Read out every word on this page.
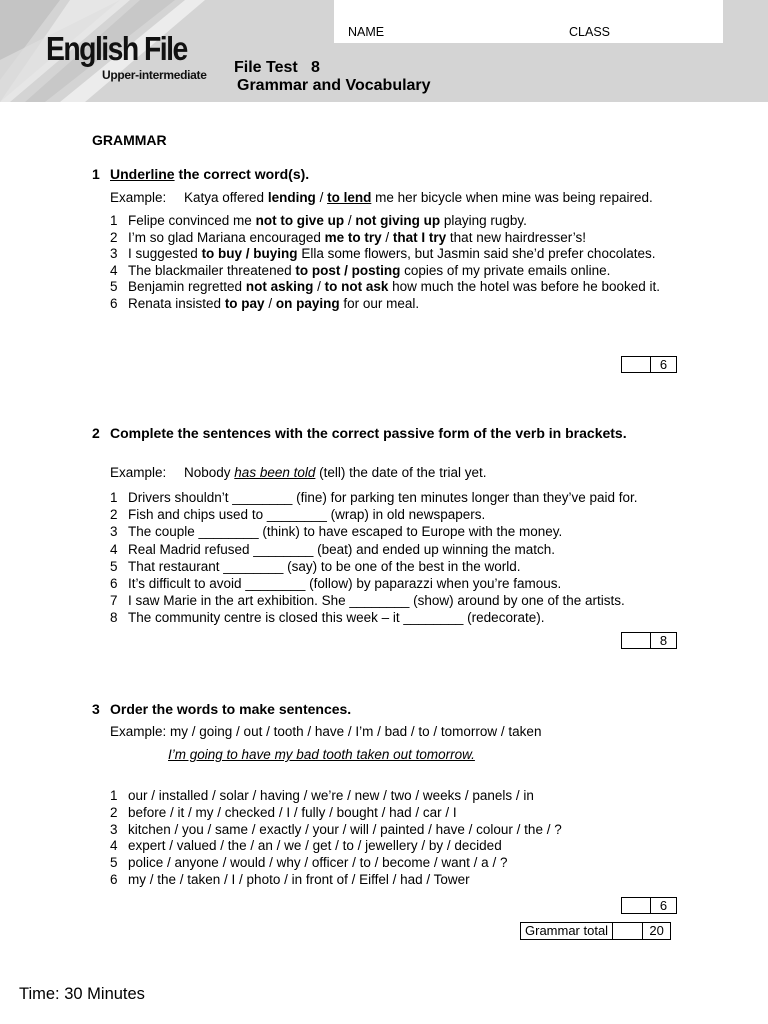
NAME	CLASS
English File
Upper-intermediate File Test   8
Grammar and Vocabulary
GRAMMAR
1 Underline the correct word(s).
Example: Katya offered lending / to lend me her bicycle when mine was being repaired.
1 Felipe convinced me not to give up / not giving up playing rugby.
2 I’m so glad Mariana encouraged me to try / that I try that new hairdresser’s!
3 I suggested to buy / buying Ella some flowers, but Jasmin said she’d prefer chocolates.
4 The blackmailer threatened to post / posting copies of my private emails online.
5 Benjamin regretted not asking / to not ask how much the hotel was before he booked it.
6 Renata insisted to pay / on paying for our meal.
6
2 Complete the sentences with the correct passive form of the verb in brackets.
Example: Nobody has been told (tell) the date of the trial yet.
1 Drivers shouldn’t ________ (fine) for parking ten minutes longer than they’ve paid for.
2 Fish and chips used to ________ (wrap) in old newspapers.
3 The couple ________ (think) to have escaped to Europe with the money.
4 Real Madrid refused ________ (beat) and ended up winning the match.
5 That restaurant ________ (say) to be one of the best in the world.
6 It’s difficult to avoid ________ (follow) by paparazzi when you’re famous.
7 I saw Marie in the art exhibition. She ________ (show) around by one of the artists.
8 The community centre is closed this week – it ________ (redecorate).
8
3 Order the words to make sentences.
Example: my / going / out / tooth / have / I’m / bad / to / tomorrow / taken
I’m going to have my bad tooth taken out tomorrow.
1 our / installed / solar / having / we’re / new / two / weeks / panels / in
2 before / it / my / checked / I / fully / bought / had / car / I
3 kitchen / you / same / exactly / your / will / painted / have / colour / the / ?
4 expert / valued / the / an / we / get / to / jewellery / by / decided
5 police / anyone / would / why / officer / to / become / want / a / ?
6 my / the / taken / I / photo / in front of / Eiffel / had / Tower
6
Grammar total	20
Time: 30 Minutes
